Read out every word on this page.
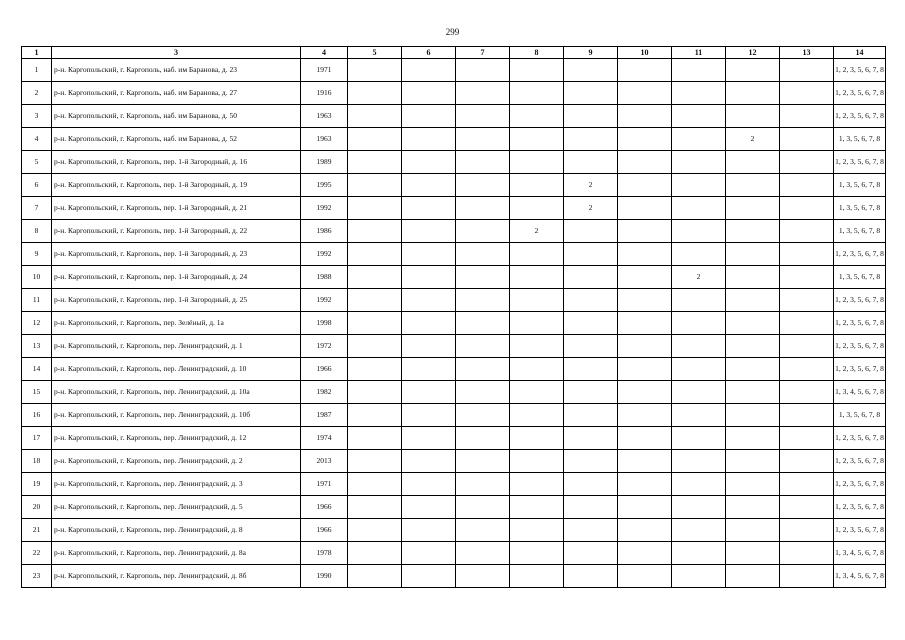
299
1	3	4	5	6	7	8	9	10	11	12	13	14
1	р-н. Каргопольский, г. Каргополь, наб. им Баранова, д. 23	1971										1, 2, 3, 5, 6, 7, 8
2	р-н. Каргопольский, г. Каргополь, наб. им Баранова, д. 27	1916										1, 2, 3, 5, 6, 7, 8
3	р-н. Каргопольский, г. Каргополь, наб. им Баранова, д. 50	1963										1, 2, 3, 5, 6, 7, 8
4	р-н. Каргопольский, г. Каргополь, наб. им Баранова, д. 52	1963								2		1, 3, 5, 6, 7, 8
5	р-н. Каргопольский, г. Каргополь, пер. 1-й Загородный, д. 16	1989										1, 2, 3, 5, 6, 7, 8
6	р-н. Каргопольский, г. Каргополь, пер. 1-й Загородный, д. 19	1995					2					1, 3, 5, 6, 7, 8
7	р-н. Каргопольский, г. Каргополь, пер. 1-й Загородный, д. 21	1992					2					1, 3, 5, 6, 7, 8
8	р-н. Каргопольский, г. Каргополь, пер. 1-й Загородный, д. 22	1986				2						1, 3, 5, 6, 7, 8
9	р-н. Каргопольский, г. Каргополь, пер. 1-й Загородный, д. 23	1992										1, 2, 3, 5, 6, 7, 8
10	р-н. Каргопольский, г. Каргополь, пер. 1-й Загородный, д. 24	1988							2			1, 3, 5, 6, 7, 8
11	р-н. Каргопольский, г. Каргополь, пер. 1-й Загородный, д. 25	1992										1, 2, 3, 5, 6, 7, 8
12	р-н. Каргопольский, г. Каргополь, пер. Зелёный, д. 1а	1998										1, 2, 3, 5, 6, 7, 8
13	р-н. Каргопольский, г. Каргополь, пер. Ленинградский, д. 1	1972										1, 2, 3, 5, 6, 7, 8
14	р-н. Каргопольский, г. Каргополь, пер. Ленинградский, д. 10	1966										1, 2, 3, 5, 6, 7, 8
15	р-н. Каргопольский, г. Каргополь, пер. Ленинградский, д. 10а	1982										1, 3, 4, 5, 6, 7, 8
16	р-н. Каргопольский, г. Каргополь, пер. Ленинградский, д. 10б	1987										1, 3, 5, 6, 7, 8
17	р-н. Каргопольский, г. Каргополь, пер. Ленинградский, д. 12	1974										1, 2, 3, 5, 6, 7, 8
18	р-н. Каргопольский, г. Каргополь, пер. Ленинградский, д. 2	2013										1, 2, 3, 5, 6, 7, 8
19	р-н. Каргопольский, г. Каргополь, пер. Ленинградский, д. 3	1971										1, 2, 3, 5, 6, 7, 8
20	р-н. Каргопольский, г. Каргополь, пер. Ленинградский, д. 5	1966										1, 2, 3, 5, 6, 7, 8
21	р-н. Каргопольский, г. Каргополь, пер. Ленинградский, д. 8	1966										1, 2, 3, 5, 6, 7, 8
22	р-н. Каргопольский, г. Каргополь, пер. Ленинградский, д. 8а	1978										1, 3, 4, 5, 6, 7, 8
23	р-н. Каргопольский, г. Каргополь, пер. Ленинградский, д. 8б	1990										1, 3, 4, 5, 6, 7, 8
